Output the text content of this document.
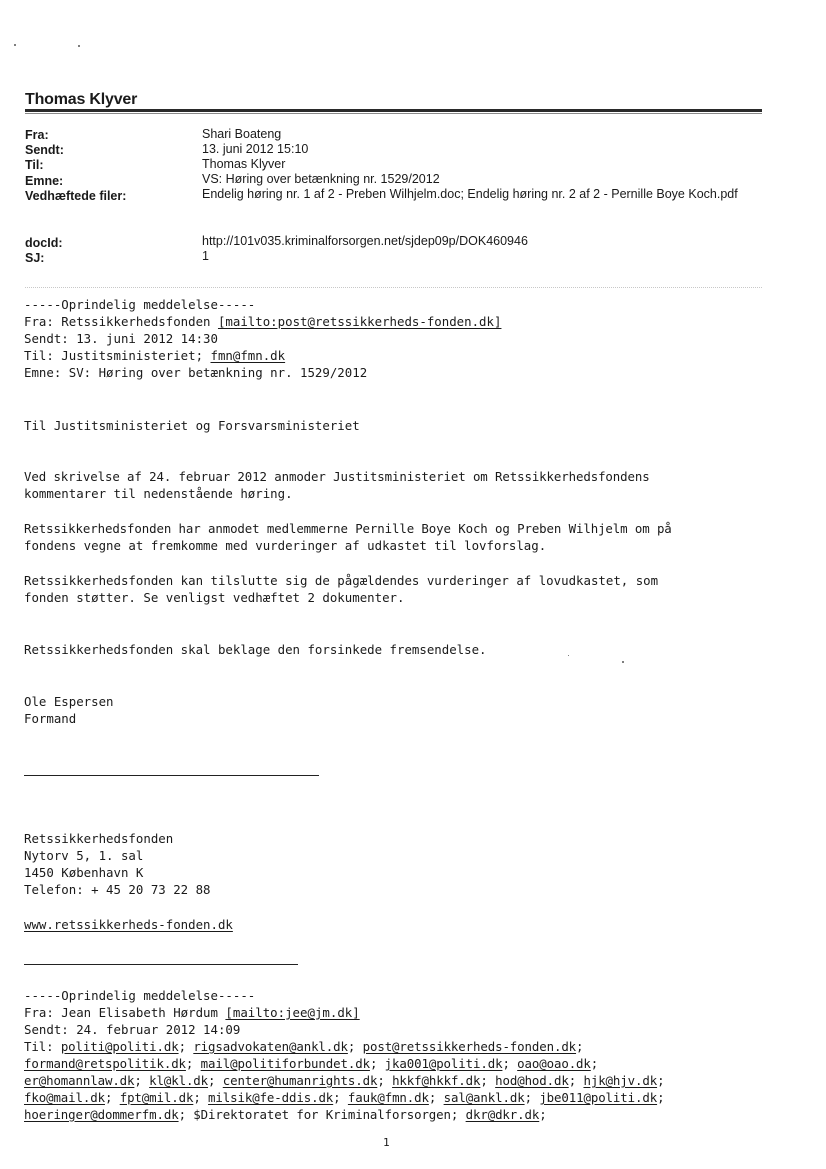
Thomas Klyver
Fra:	Shari Boateng
Sendt:	13. juni 2012 15:10
Til:	Thomas Klyver
Emne:	VS: Høring over betænkning nr. 1529/2012
Vedhæftede filer:	Endelig høring nr. 1 af 2 - Preben Wilhjelm.doc; Endelig høring nr. 2 af 2 - Pernille Boye Koch.pdf
docId:	http://101v035.kriminalforsorgen.net/sjdep09p/DOK460946
SJ:	1
-----Oprindelig meddelelse-----
Fra: Retssikkerhedsfonden [mailto:post@retssikkerheds-fonden.dk]
Sendt: 13. juni 2012 14:30
Til: Justitsministeriet; fmn@fmn.dk
Emne: SV: Høring over betænkning nr. 1529/2012
Til Justitsministeriet og Forsvarsministeriet
Ved skrivelse af 24. februar 2012 anmoder Justitsministeriet om Retssikkerhedsfondens
kommentarer til nedenstående høring.
Retssikkerhedsfonden har anmodet medlemmerne Pernille Boye Koch og Preben Wilhjelm om på
fondens vegne at fremkomme med vurderinger af udkastet til lovforslag.
Retssikkerhedsfonden kan tilslutte sig de pågældendes vurderinger af lovudkastet, som
fonden støtter. Se venligst vedhæftet 2 dokumenter.
Retssikkerhedsfonden skal beklage den forsinkede fremsendelse.
Ole Espersen
Formand
Retssikkerhedsfonden
Nytorv 5, 1. sal
1450 København K
Telefon: + 45 20 73 22 88
www.retssikkerheds-fonden.dk
-----Oprindelig meddelelse-----
Fra: Jean Elisabeth Hørdum [mailto:jee@jm.dk]
Sendt: 24. februar 2012 14:09
Til: politi@politi.dk; rigsadvokaten@ankl.dk; post@retssikkerheds-fonden.dk;
formand@retspolitik.dk; mail@politiforbundet.dk; jka001@politi.dk; oao@oao.dk;
er@homannlaw.dk; kl@kl.dk; center@humanrights.dk; hkkf@hkkf.dk; hod@hod.dk; hjk@hjv.dk;
fko@mail.dk; fpt@mil.dk; milsik@fe-ddis.dk; fauk@fmn.dk; sal@ankl.dk; jbe011@politi.dk;
hoeringer@dommerfm.dk; $Direktoratet for Kriminalforsorgen; dkr@dkr.dk;
1
